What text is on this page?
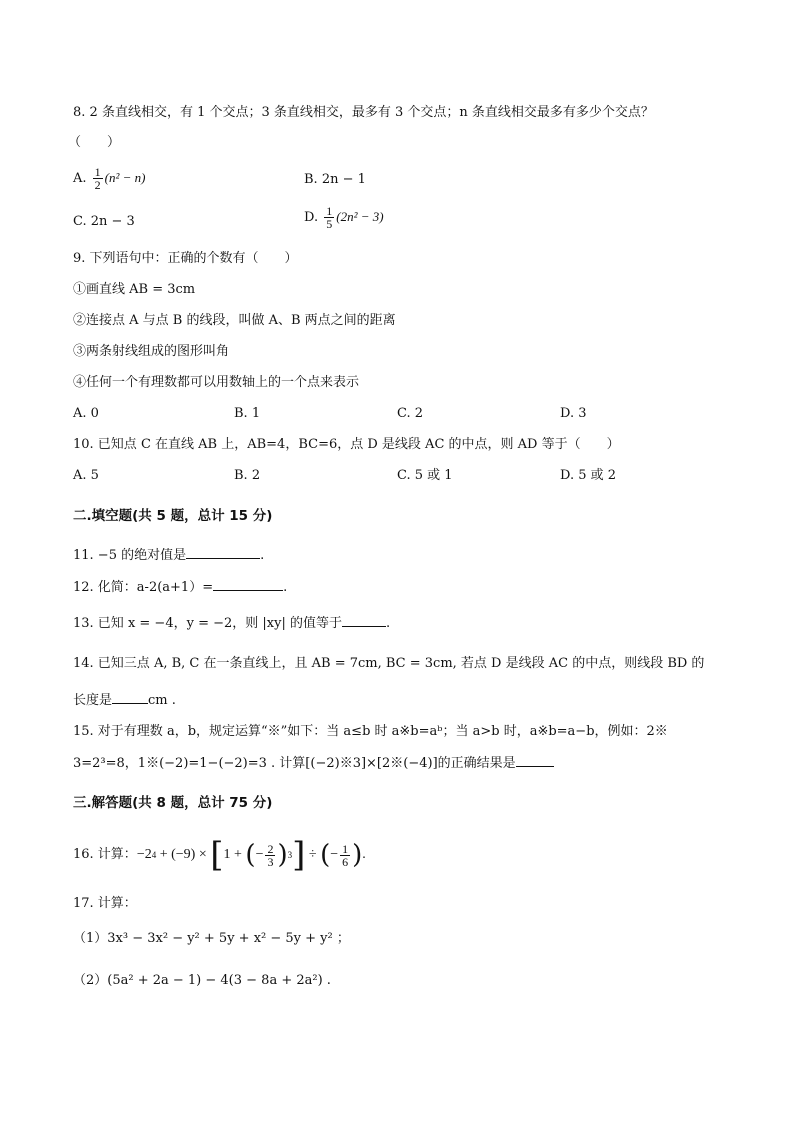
8. 2 条直线相交，有 1 个交点；3 条直线相交，最多有 3 个交点；n 条直线相交最多有多少个交点？
（　　）
A. $\frac{1}{2} (n^2 - n)$	B. 2n − 1
C. 2n − 3	D. $\frac{1}{5} (2n^2 - 3)$
9. 下列语句中：正确的个数有（　　）
①画直线 AB = 3cm
②连接点 A 与点 B 的线段，叫做 A、B 两点之间的距离
③两条射线组成的图形叫角
④任何一个有理数都可以用数轴上的一个点来表示
A. 0	B. 1	C. 2	D. 3
10. 已知点 C 在直线 AB 上，AB=4，BC=6，点 D 是线段 AC 的中点，则 AD 等于（　　）
A. 5	B. 2	C. 5 或 1	D. 5 或 2
二.填空题(共 5 题，总计 15 分)
11. −5 的绝对值是	.
12. 化简：a-2(a+1）=	.
13. 已知 x = −4，y = −2，则 |xy| 的值等于	.
14. 已知三点 A, B, C 在一条直线上，且 AB = 7cm, BC = 3cm, 若点 D 是线段 AC 的中点，则线段 BD 的
长度是	cm .
15. 对于有理数 a，b，规定运算“※”如下：当 a≤b 时 a※b=aᵇ；当 a>b 时，a※b=a−b，例如：2※
3=2³=8，1※(−2)=1−(−2)=3 . 计算[(−2)※3]×[2※(−4)]的正确结果是
三.解答题(共 8 题，总计 75 分)
16. 计算： −2 4 + (−9) × [ 1 + ( − $\frac{2}{3}$ ) 3 ] ÷ ( − $\frac{1}{6}$ ) .
17. 计算：
（1）3x³ − 3x² − y² + 5y + x² − 5y + y² ；
（2）(5a² + 2a − 1) − 4(3 − 8a + 2a²) .
